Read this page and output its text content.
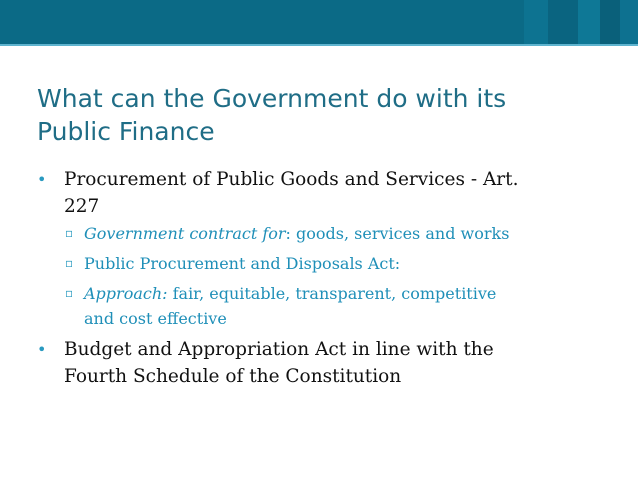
What can the Government do with its
Public Finance
• Procurement of Public Goods and Services - Art.
227
▫ Government contract for: goods, services and works
▫ Public Procurement and Disposals Act:
▫ Approach: fair, equitable, transparent, competitive
and cost effective
• Budget and Appropriation Act in line with the
Fourth Schedule of the Constitution
